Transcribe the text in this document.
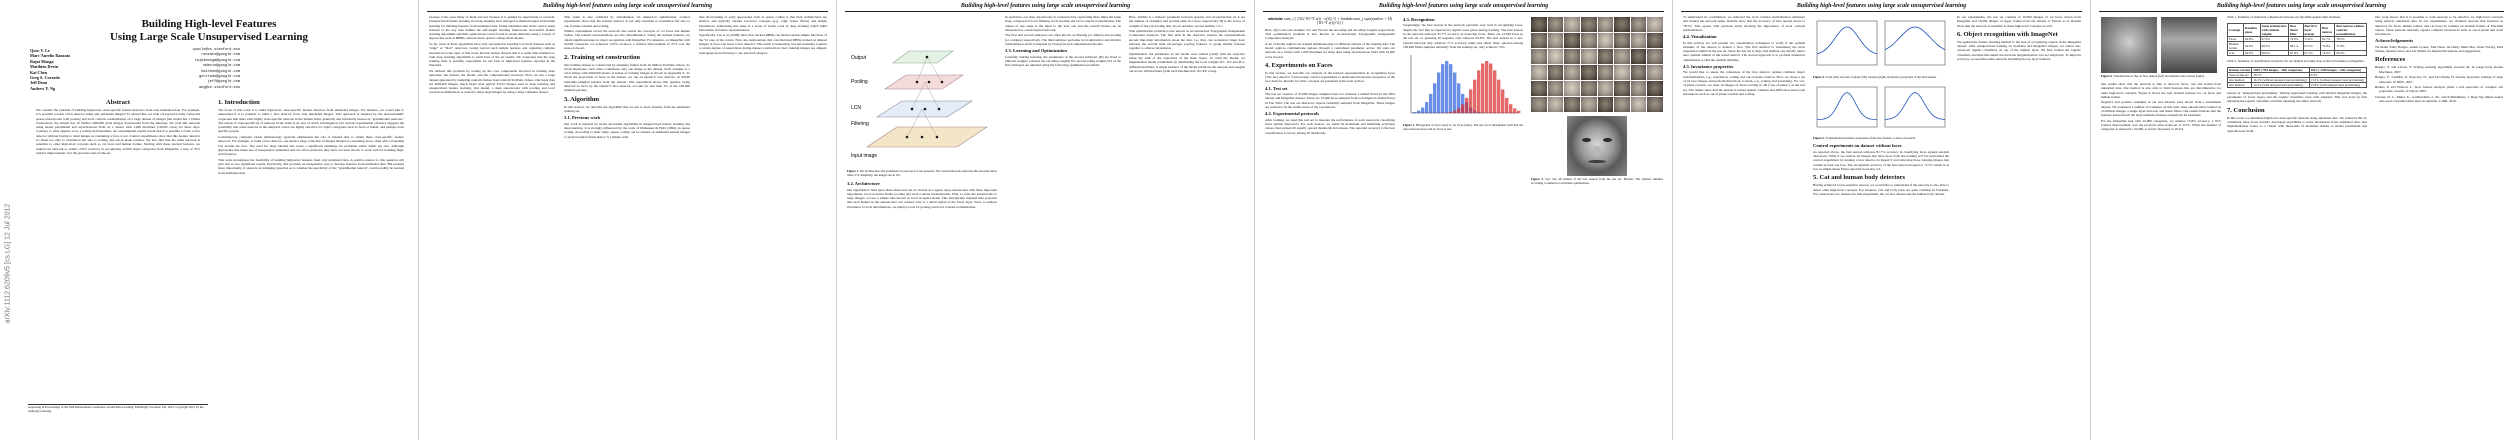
arXiv:1112.6209v5 [cs.LG] 12 Jul 2012
Building High-level Features
Using Large Scale Unsupervised Learning
Quoc V. Le	quocle@cs.stanford.edu
Marc'Aurelio Ranzato	ranzato@google.com
Rajat Monga	rajatmonga@google.com
Matthieu Devin	mdevin@google.com
Kai Chen	kaichen@google.com
Greg S. Corrado	gcorrado@google.com
Jeff Dean	jeff@google.com
Andrew Y. Ng	ang@cs.stanford.edu
Abstract

We consider the problem of building high-level, class-specific feature detectors from only unlabeled data. For example, is it possible to learn a face detector using only unlabeled images? To answer this, we train a 9-layered locally connected sparse autoencoder with pooling and local contrast normalization on a large dataset of images (the model has 1 billion connections, the dataset has 10 million 200x200 pixel images downloaded from the Internet). We train this network using model parallelism and asynchronous SGD on a cluster with 1,000 machines (16,000 cores) for three days. Contrary to what appears to be a widely-held intuition, our experimental results reveal that it is possible to train a face detector without having to label images as containing a face or not. Control experiments show that this feature detector is robust not only to translation but also to scaling and out-of-plane rotation. We also find that the same network is sensitive to other high-level concepts such as cat faces and human bodies. Starting with these learned features, we trained our network to obtain 15.8% accuracy in recognizing 22,000 object categories from ImageNet, a leap of 70% relative improvement over the previous state-of-the-art.

1. Introduction

The focus of this work is to build high-level, class-specific feature detectors from unlabeled images. For instance, we would like to understand if it is possible to build a face detector from only unlabeled images. This approach is inspired by the neuroscientific conjecture that there exist highly class-specific neurons in the human brain, generally and informally known as "grandmother neurons." The extent of class-specificity of neurons in the brain is an area of active investigation, but current experimental evidence suggests the possibility that some neurons in the temporal cortex are highly selective for object categories such as faces or hands, and perhaps even specific people.

Contemporary computer vision methodology typically emphasizes the role of labeled data to obtain these class-specific feature detectors. For example, to build a face detector, one needs a large collection of images labeled as containing faces, often with a bounding box around the face. The need for large labeled sets poses a significant challenge for problems where labels are rare. Although approaches that make use of inexpensive unlabeled data are often preferred, they have not been shown to work well for building high-level features.

This work investigates the feasibility of building high-level features from only unlabeled data. A positive answer to this question will give rise to two significant results. Practically, this provides an inexpensive way to develop features from unlabeled data. But perhaps more importantly, it answers an intriguing question as to whether the specificity of the "grandmother neuron" could possibly be learned from unlabeled data.

Appearing in Proceedings of the 29th International Conference on Machine Learning, Edinburgh, Scotland, UK, 2012. Copyright 2012 by the author(s)/owner(s).
Building high-level features using large scale unsupervised learning

because it has seen many of them and not because it is guided by supervision or rewards. Unsupervised feature learning and deep learning have emerged as methodologies in machine learning for building features from unlabeled data. Using unlabeled data in the wild to learn features is the key idea behind the self-taught learning framework. Successful feature learning algorithms and their applications can be found in recent literature using a variety of approaches such as RBMs, autoencoders, sparse coding and K-means.

So far, most of these algorithms have only succeeded in learning low-level features such as "edge" or "blob" detectors. Going beyond such simple features and capturing complex invariances is the topic of this work. Recent studies observe that it is quite time intensive to train deep learning algorithms to yield state of the art results. We conjecture that the long training time is partially responsible for the lack of high-level features reported in the literature.

We address this problem by scaling up the core components involved in training deep networks: the dataset, the model, and the computational resources. First, we use a large dataset generated by sampling random frames from random YouTube videos. Our input data are 200x200 images, much larger than typical 32x32 images used in deep learning and unsupervised feature learning. Our model, a deep autoencoder with pooling and local contrast normalization, is scaled to these large images by using a large computer cluster.

This result is also validated by visualization via numerical optimization. Control experiments show that the learned detector is not only invariant to translation but also to out-of-plane rotation and scaling.

Similar experiments reveal the network also learns the concepts of cat faces and human bodies. The learned representations are also discriminative. Using the learned features, we obtain significant leaps in object recognition with ImageNet. For instance, on ImageNet with 22,000 categories, we achieved 15.8% accuracy, a relative improvement of 70% over the state-of-the-art.

2. Training set construction

Our training dataset is constructed by sampling frames from 10 million YouTube videos. To avoid duplicates, each video contributes only one image to the dataset. Each example is a color image with 200x200 pixels. A subset of training images is shown in Appendix A. To check the proportion of faces in the dataset, we run an OpenCV face detector on 60x60 randomly-sampled patches from the dataset. This experiment shows that patches, being detected as faces by the OpenCV face detector, account for less than 3% of the 100,000 sampled patches.

3. Algorithm

In this section, we describe the algorithm that we use to learn features from the unlabeled training set.

3.1. Previous work

Our work is inspired by recent successful algorithms in unsupervised feature learning and deep learning. It is strongly influenced by the work of Olshausen & Field (1996) on sparse coding. According to their study, sparse coding can be trained on unlabeled natural images to yield receptive fields akin to V1 simple cells.

One shortcoming of early approaches such as sparse coding is that their architectures are shallow and typically capture low-level concepts (e.g., edge Gabor filters) and simple invariances. Addressing this issue is a focus of recent work in deep learning which build hierarchies of feature representations.

Specifically, Lee et al. (2008) show that stacked RBMs can model certain simple functions of the V2 area of the cortex. They also demonstrate that convolutional DBNs trained on aligned images of faces can learn a face detector. This result is interesting, but unfortunately requires a certain degree of supervision during dataset construction: their training images are aligned, homogeneous and belong to one selected category.

Building high-level features using large scale unsupervised learning
Output
Pooling
LCN
Filtering
Input image
Figure 1. The architecture and parameters in one layer of our network. The overall network replicates this structure three times. For simplicity, the images are in 1D.
3.2. Architecture

Our algorithm is built upon these ideas and can be viewed as a sparse deep autoencoder with three important ingredients: local receptive fields, pooling and local contrast normalization. First, to scale the autoencoder to large images, we use a simple idea known as local receptive fields. This biologically inspired idea proposes that each feature in the autoencoder can connect only to a small region of the lower layer. Next, to achieve invariance to local deformations, we employ local L2 pooling and local contrast normalization.

In particular, our deep autoencoder is constructed by replicating three times the same stage composed of local filtering, local pooling and local contrast normalization. The output of one stage is the input to the next one and the overall model can be interpreted as a nine-layered network.

The first and second sublayers are often known as filtering (or simple) and pooling (or complex) respectively. The third sublayer performs local subtractive and divisive normalization and it is inspired by biological and computational models.

3.3. Learning and Optimization

Learning: During learning, the parameters of the second sublayers (H) are fixed to uniform weights, whereas the encoding weights W1 and decoding weights W2 of the first sublayers are adjusted using the following optimization problem:

Here, lambda is a tradeoff parameter between sparsity and reconstruction; m, k are the number of examples and pooling units in a layer respectively; Hj is the vector of weights of the j-th pooling unit. In our notation, we use lambda = 0.1.

This optimization problem is also known as reconstruction Topographic Independent Component Analysis. The first term in the objective ensures the representations encode important information about the data, i.e., they can reconstruct input data; whereas the second term encourages pooling features to group similar features together to achieve invariances.

Optimization: All parameters in our model were trained jointly with the objective being the sum of the objectives of the three layers. To train the model, we implemented model parallelism by distributing the local weights W1, W2 and H to different machines. A single instance of the model partitions the neurons and weights out across 169 machines (with each machine had 16 CPU cores).

Building high-level features using large scale unsupervised learning
minimize sum_i ( ||W2 W1^T x(i) - x(i)||^2 + lambda sum_j sqrt(epsilon + Hj (W1^T x(i))^2) )

Here, x(i) is the i-th example, W1 and W2 are the encoding and decoding weights respectively. This optimization problem is also known as reconstruction Topographic Independent Component Analysis.

A set of model replicas are trained simultaneously on different subsets of the training data. The model replicas communicate updates through a centralized parameter server. We train our network on a cluster with 1,000 machines for three days using asynchronous SGD with 16,000 cores in total.

4. Experiments on Faces

In this section, we describe our analysis of the learned representations in recognizing faces ("the face detector") and present control experiments to understand invariance properties of the face detector. Results for other concepts are presented in the next section.

4.1. Test set

The test set consists of 37,000 images sampled from two datasets: Labeled Faces In the Wild dataset and ImageNet dataset. There are 13,026 faces sampled from non-aligned Labeled Faces in The Wild. The rest are distractor objects randomly sampled from ImageNet. These images are resized to fit the visible areas of the top neurons.

4.2. Experimental protocols

After training, we used this test set to measure the performance of each neuron in classifying faces against distractors. For each neuron, we found its maximum and minimum activation values, then picked 20 equally spaced thresholds in between. The reported accuracy is the best classification accuracy among 20 thresholds.

4.3. Recognition

Surprisingly, the best neuron in the network performs very well in recognizing faces, despite the fact that no supervisory signals were given during training. The best neuron in the network achieves 81.7% accuracy in detecting faces. There are 13,026 faces in the test set, so guessing all negative only achieves 64.8%. The best neuron in a one-layered network only achieves 71% accuracy while best linear filter, selected among 100,000 filters sampled randomly from the training set, only achieves 74%.

Figure 2. Histograms of faces (red) vs. no faces (blue). The test set is subsampled such that the ratio between faces and no faces is one.
Figure 3. Top: Top 48 stimuli of the best neuron from the test set. Bottom: The optimal stimulus according to numerical constraint optimization.
Building high-level features using large scale unsupervised learning

To understand its contribution, we removed the local contrast normalization sublayers and trained the network again. Results show that the accuracy of best neuron drops to 78.5%. This agrees with previous study showing the importance of local contrast normalization.

4.4. Visualization

In this section, we will present two visualization techniques to verify if the optimal stimulus of the neuron is indeed a face. The first method is visualizing the most responsive stimuli in the test set. Since the test set is large, this method can reliably detect near optimal stimuli of the tested neuron. The second approach is to perform numerical optimization to find the optimal stimulus.

4.5. Invariance properties

We would like to assess the robustness of the face detector against common object transformations, e.g., translation, scaling and out-of-plane rotation. First, we chose a set of 10 face images and perform distortions to them, e.g., scaling and translating. For out-of-plane rotation, we used 10 images of faces rotating in 3D ("out-of-plane") as the test set. The results show that the neuron is robust against complex and difficult-to-hard-code invariances such as out-of-plane rotation and scaling.

Figure 4. Scale (left) and out-of-plane (3D) rotation (right) invariance properties of the best feature.
Figure 5. Translational invariance properties of the best feature. x-axis is in pixels.
Control experiments on dataset without faces

As reported above, the best neuron achieves 81.7% accuracy in classifying faces against random distractors. What if we remove all images that have faces from the training set? We performed the control experiment by running a face detector in OpenCV and removing those training images that contain at least one face. The recognition accuracy of the best neuron dropped to 72.5% which is as low as simple linear filters reported in section 4.3.

5. Cat and human body detectors

Having achieved a face-sensitive neuron, we would like to understand if the network is also able to detect other high-level concepts. For instance, cats and body parts are quite common in YouTube. We constructed two datasets for this experiment: the cat face dataset and the human body dataset.

In our experiments, the test set consists of 10,000 images of cat faces drawn from ImageNet and 18,409 images of upper bodies from the dataset of Ferrari et al. Results show that the network is sensitive to these high-level concepts as well.

6. Object recognition with ImageNet

We applied the feature learning method to the task of recognizing objects in the ImageNet dataset. After unsupervised training on YouTube and ImageNet images, we added one-versus-all logistic classifiers on top of the highest layer. We first trained the logistic classifiers and then fine-tuned the network. Regularization was not employed. To improve accuracy, we used the entire network including the top layer features.

Building high-level features using large scale unsupervised learning
Figure 6. Visualization of the cat face neuron (left) and human body neuron (right).

Our results show that the network is able to discover faces, cats and bodies from unlabeled data. Our method is also able to build features that are discriminative for other high-level concepts. Figure 6 shows the best learned features for cat faces and human bodies.

Negative and positive examples in our test datasets were drawn from a benchmark dataset. We evaluated a number of baselines on this task: deep autoencoders trained on 10 million images, a single layer network, and linear filters. Our results indicate that the features learned from the large unlabeled dataset outperform all baselines.

For the ImageNet task with 22,000 categories, we achieve 15.8% accuracy, a 70% relative improvement over the previous state-of-the-art of 9.3%. When the number of categories is reduced to 10,000, accuracy increases to 19.2%.

Table 1. Summary of numerical comparisons between our algorithm against other baselines.
Concept	Random guess	Same architecture with random weights	Best linear filter	Best first layer neuron	Best neuron	Best neuron without contrast normalization
Faces	64.8%	67.0%	74.0%	71.0%	81.7%	78.5%
Human bodies	64.8%	66.5%	68.1%	67.2%	76.8%	71.8%
Cats	64.8%	66.0%	67.8%	67.1%	74.6%	69.3%
Table 2. Summary of classification accuracies for our method and other state-of-the-art baselines on ImageNet.
Dataset version	2009 (~9M images, ~10K categories)	2011 (~14M images, ~22K categories)
State-of-the-art	16.7%	9.3%
Our method	16.1% (without unsupervised pretraining)	13.6% (without unsupervised pretraining)
Our method	19.2% (with unsupervised pretraining)	15.8% (with unsupervised pretraining)

known as "unsupervised pretraining". During supervised learning with labeled ImageNet images, the parameters of lower layers and the logistic classifiers were both adjusted. This was done by first adjusting the logistic classifiers and then adjusting the entire network.

7. Conclusion

In this work, we simulated high-level class-specific neurons using unlabeled data. We achieved this by combining ideas from recently developed algorithms to learn invariances from unlabeled data. Our implementation scales to a cluster with thousands of machines thanks to model parallelism and asynchronous SGD.

Our work shows that it is possible to train neurons to be selective for high-level concepts using entirely unlabeled data. In our experiments, we obtained neurons that function as detectors for faces, human bodies, and cat faces by training on random frames of YouTube videos. These neurons naturally capture complex invariances such as out-of-plane and scale invariances.

Acknowledgements

We thank Samy Bengio, Adam Coates, Tom Dean, Jia Deng, Mark Mao, Peter Norvig, Paul Tucker, Andrew Saxe, and Jon Shlens for helpful discussions and suggestions.

References

Bengio, Y. and LeCun, Y. Scaling learning algorithms towards AI. In Large-Scale Kernel Machines, 2007.

Bengio, Y., Lamblin, P., Popovici, D., and Larochelle, H. Greedy layerwise training of deep networks. In NIPS, 2007.

Berkes, P. and Wiskott, L. Slow feature analysis yields a rich repertoire of complex cell properties. Journal of Vision, 2005.

Ciresan, D. C., Meier, U., Gambardella, L. M., and Schmidhuber, J. Deep big simple neural nets excel on handwritten digit recognition. CoRR, 2010.
